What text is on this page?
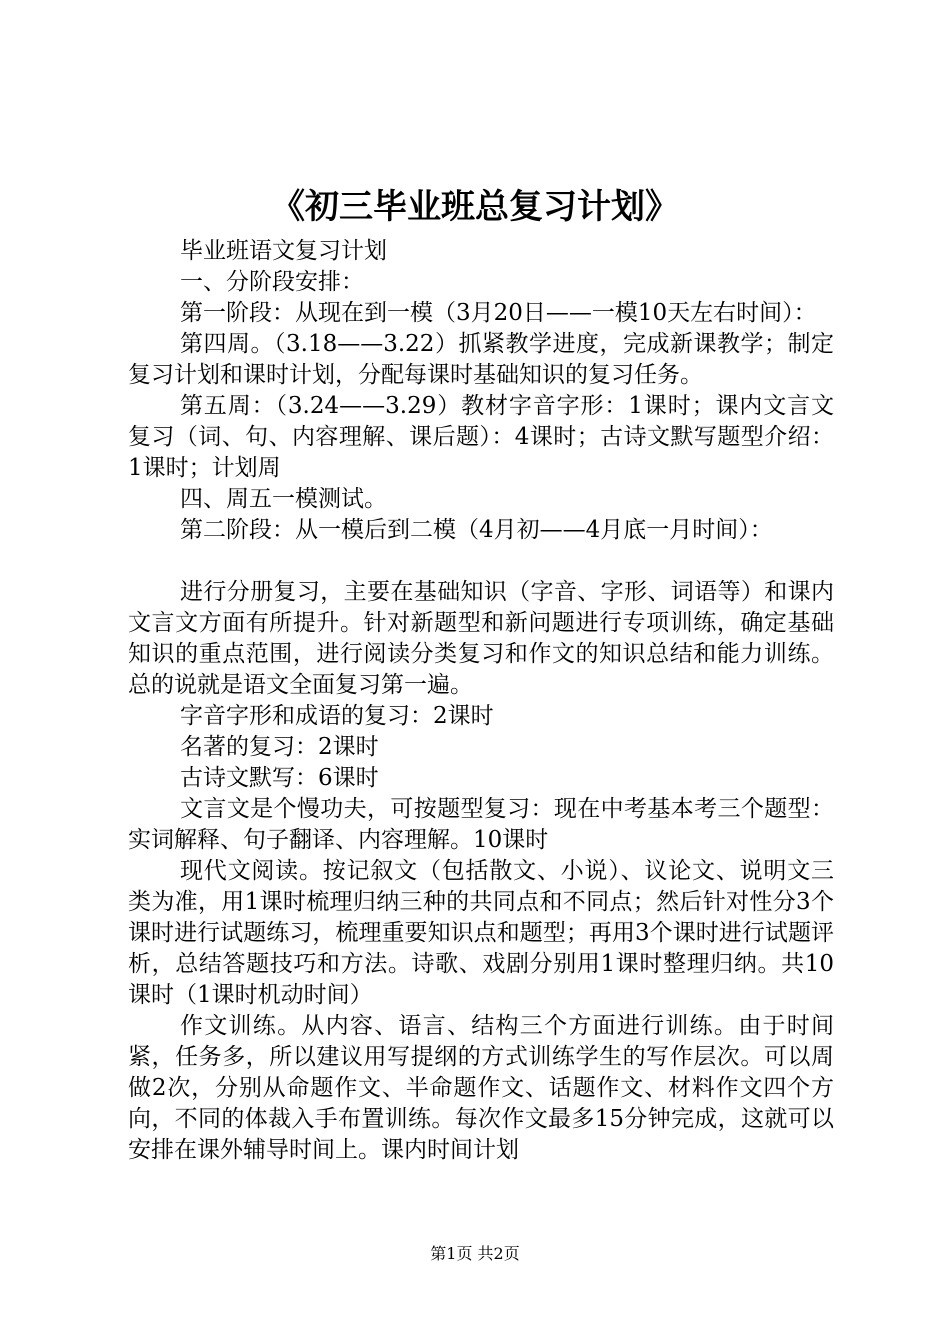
《初三毕业班总复习计划》

毕业班语文复习计划

一、分阶段安排：

第一阶段：从现在到一模（3月20日——一模10天左右时间）：

第四周。（3.18——3.22）抓紧教学进度，完成新课教学；制定复习计划和课时计划，分配每课时基础知识的复习任务。

第五周：（3.24——3.29）教材字音字形：1课时；课内文言文复习（词、句、内容理解、课后题）：4课时；古诗文默写题型介绍：1课时；计划周

四、周五一模测试。

第二阶段：从一模后到二模（4月初——4月底一月时间）：

进行分册复习，主要在基础知识（字音、字形、词语等）和课内文言文方面有所提升。针对新题型和新问题进行专项训练，确定基础知识的重点范围，进行阅读分类复习和作文的知识总结和能力训练。总的说就是语文全面复习第一遍。

字音字形和成语的复习：2课时

名著的复习：2课时

古诗文默写：6课时

文言文是个慢功夫，可按题型复习：现在中考基本考三个题型：实词解释、句子翻译、内容理解。10课时

现代文阅读。按记叙文（包括散文、小说）、议论文、说明文三类为准，用1课时梳理归纳三种的共同点和不同点；然后针对性分3个课时进行试题练习，梳理重要知识点和题型；再用3个课时进行试题评析，总结答题技巧和方法。诗歌、戏剧分别用1课时整理归纳。共10课时（1课时机动时间）

作文训练。从内容、语言、结构三个方面进行训练。由于时间紧，任务多，所以建议用写提纲的方式训练学生的写作层次。可以周做2次，分别从命题作文、半命题作文、话题作文、材料作文四个方向，不同的体裁入手布置训练。每次作文最多15分钟完成，这就可以安排在课外辅导时间上。课内时间计划

第1页 共2页
